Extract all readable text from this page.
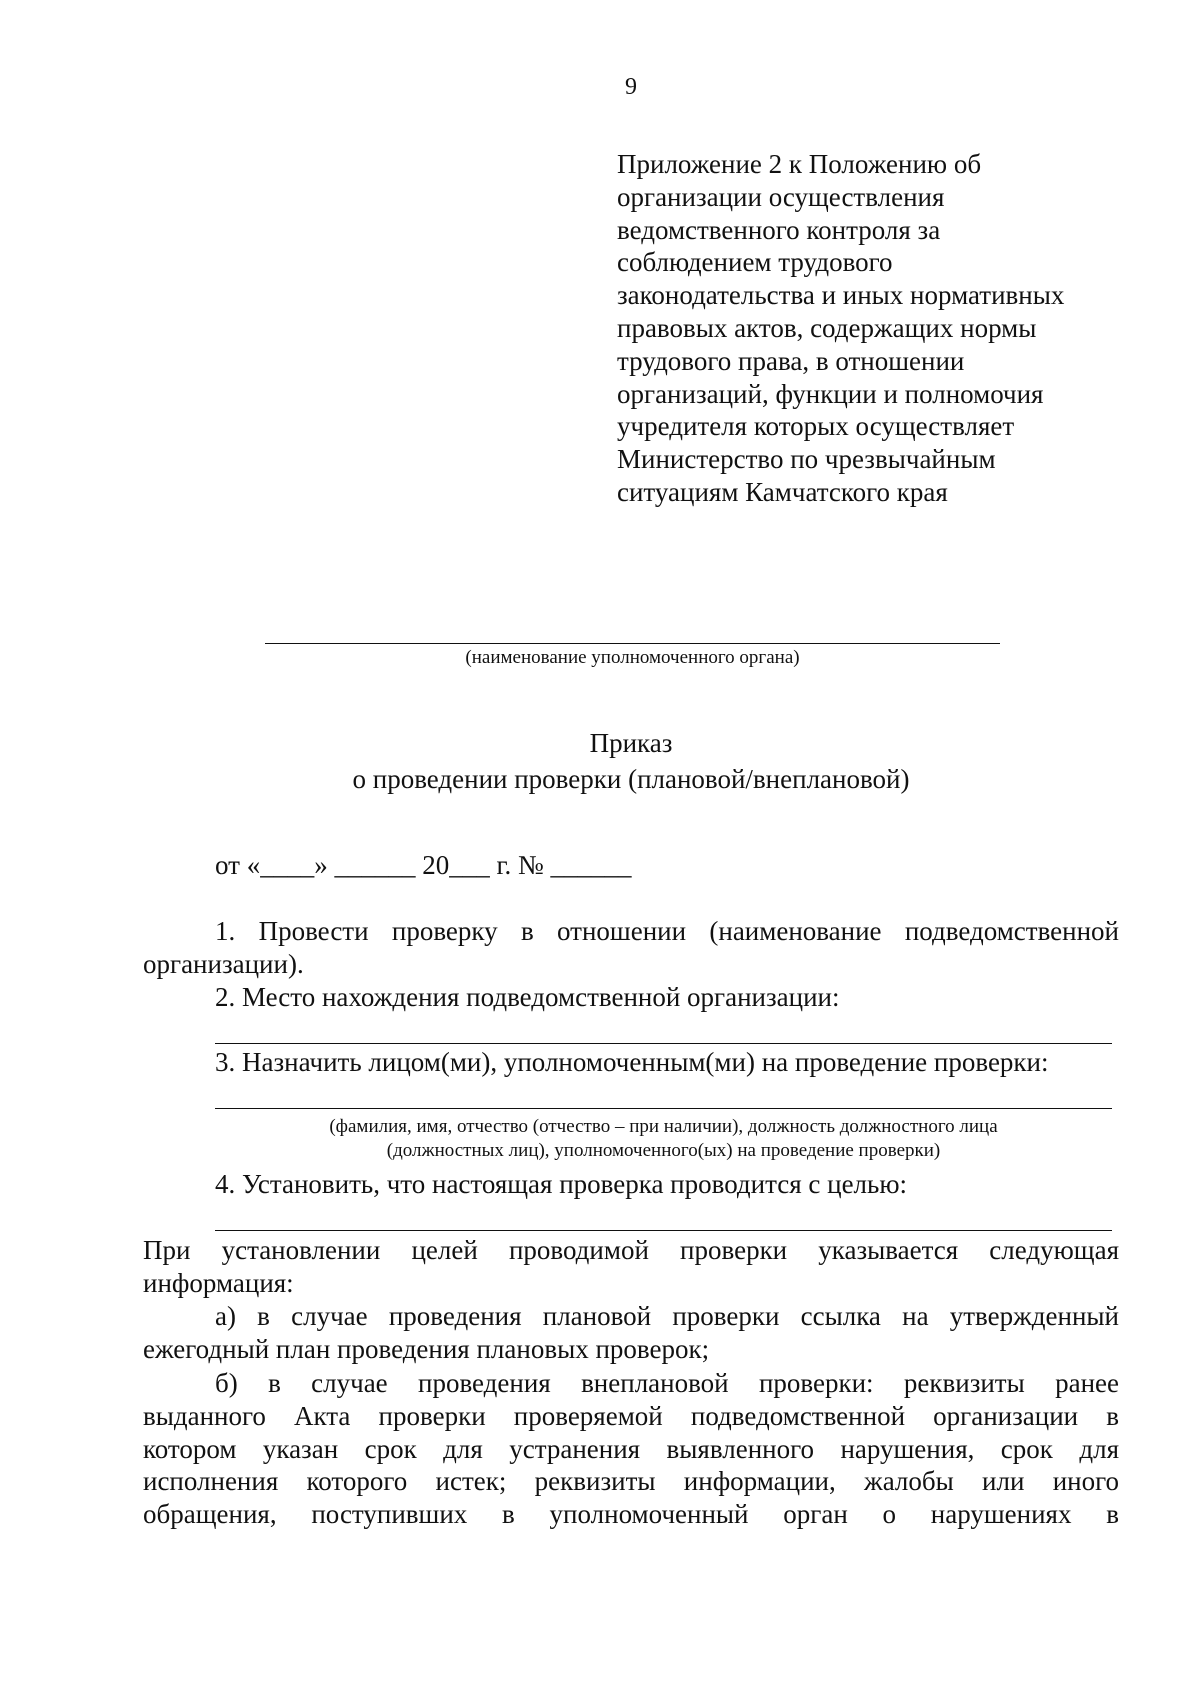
9
Приложение 2 к Положению об
организации осуществления
ведомственного контроля за
соблюдением трудового
законодательства и иных нормативных
правовых актов, содержащих нормы
трудового права, в отношении
организаций, функции и полномочия
учредителя которых осуществляет
Министерство по чрезвычайным
ситуациям Камчатского края
(наименование уполномоченного органа)
Приказ
о проведении проверки (плановой/внеплановой)
от «____» ______ 20___ г. № ______
1. Провести проверку в отношении (наименование подведомственной
организации).
2. Место нахождения подведомственной организации:
3. Назначить лицом(ми), уполномоченным(ми) на проведение проверки:
(фамилия, имя, отчество (отчество – при наличии), должность должностного лица
(должностных лиц), уполномоченного(ых) на проведение проверки)
4. Установить, что настоящая проверка проводится с целью:
При установлении целей проводимой проверки указывается следующая
информация:
а) в случае проведения плановой проверки ссылка на утвержденный
ежегодный план проведения плановых проверок;
б) в случае проведения внеплановой проверки: реквизиты ранее
выданного Акта проверки проверяемой подведомственной организации в
котором указан срок для устранения выявленного нарушения, срок для
исполнения которого истек; реквизиты информации, жалобы или иного
обращения, поступивших в уполномоченный орган о нарушениях в
